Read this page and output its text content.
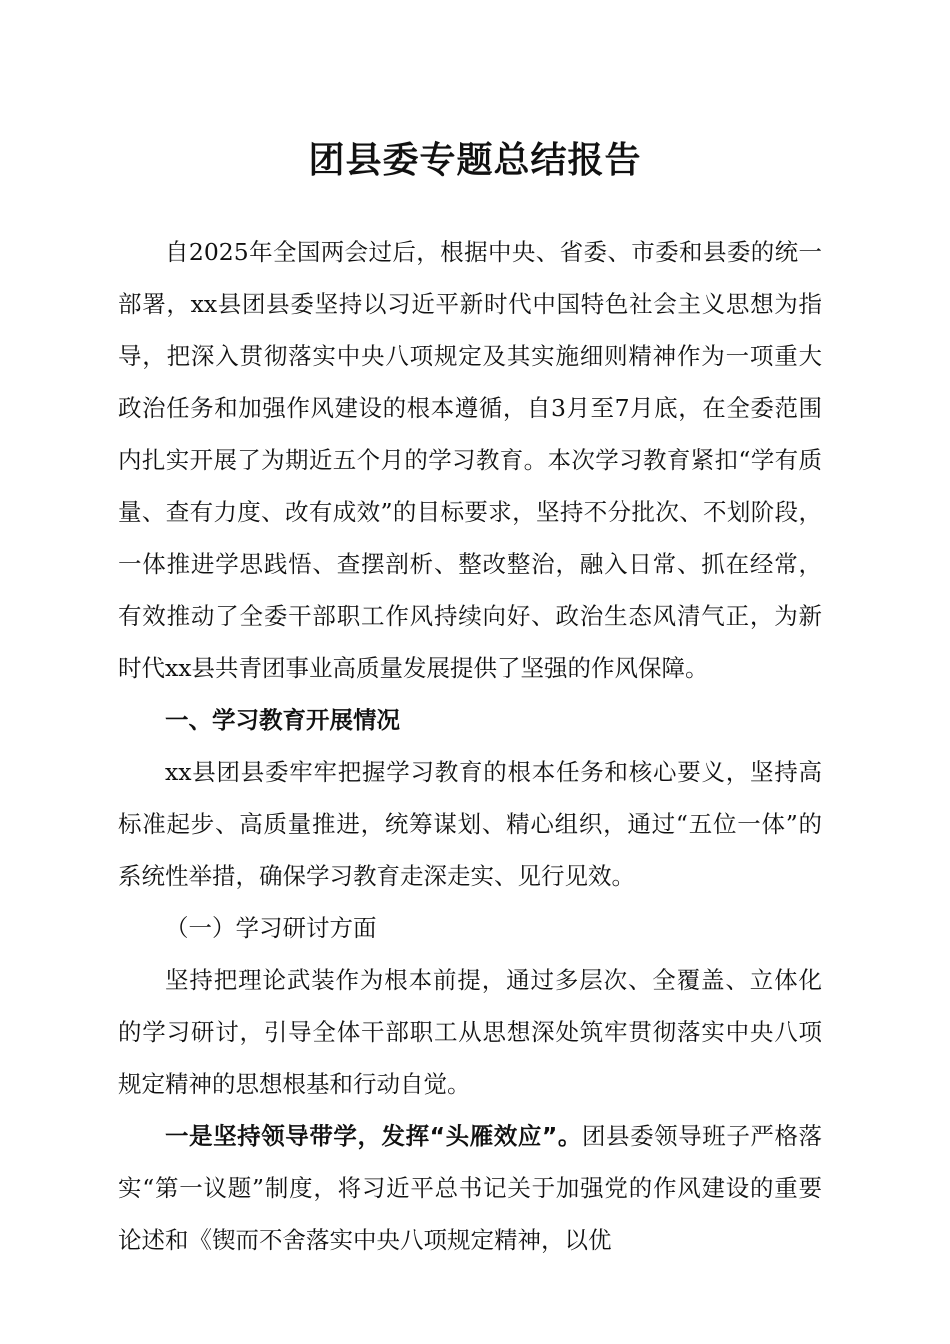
团县委专题总结报告

自2025年全国两会过后，根据中央、省委、市委和县委的统一部署，xx县团县委坚持以习近平新时代中国特色社会主义思想为指导，把深入贯彻落实中央八项规定及其实施细则精神作为一项重大政治任务和加强作风建设的根本遵循，自3月至7月底，在全委范围内扎实开展了为期近五个月的学习教育。本次学习教育紧扣“学有质量、查有力度、改有成效”的目标要求，坚持不分批次、不划阶段，一体推进学思践悟、查摆剖析、整改整治，融入日常、抓在经常，有效推动了全委干部职工作风持续向好、政治生态风清气正，为新时代xx县共青团事业高质量发展提供了坚强的作风保障。

一、学习教育开展情况

xx县团县委牢牢把握学习教育的根本任务和核心要义，坚持高标准起步、高质量推进，统筹谋划、精心组织，通过“五位一体”的系统性举措，确保学习教育走深走实、见行见效。

（一）学习研讨方面

坚持把理论武装作为根本前提，通过多层次、全覆盖、立体化的学习研讨，引导全体干部职工从思想深处筑牢贯彻落实中央八项规定精神的思想根基和行动自觉。

一是坚持领导带学，发挥“头雁效应”。团县委领导班子严格落实“第一议题”制度，将习近平总书记关于加强党的作风建设的重要论述和《锲而不舍落实中央八项规定精神，以优
